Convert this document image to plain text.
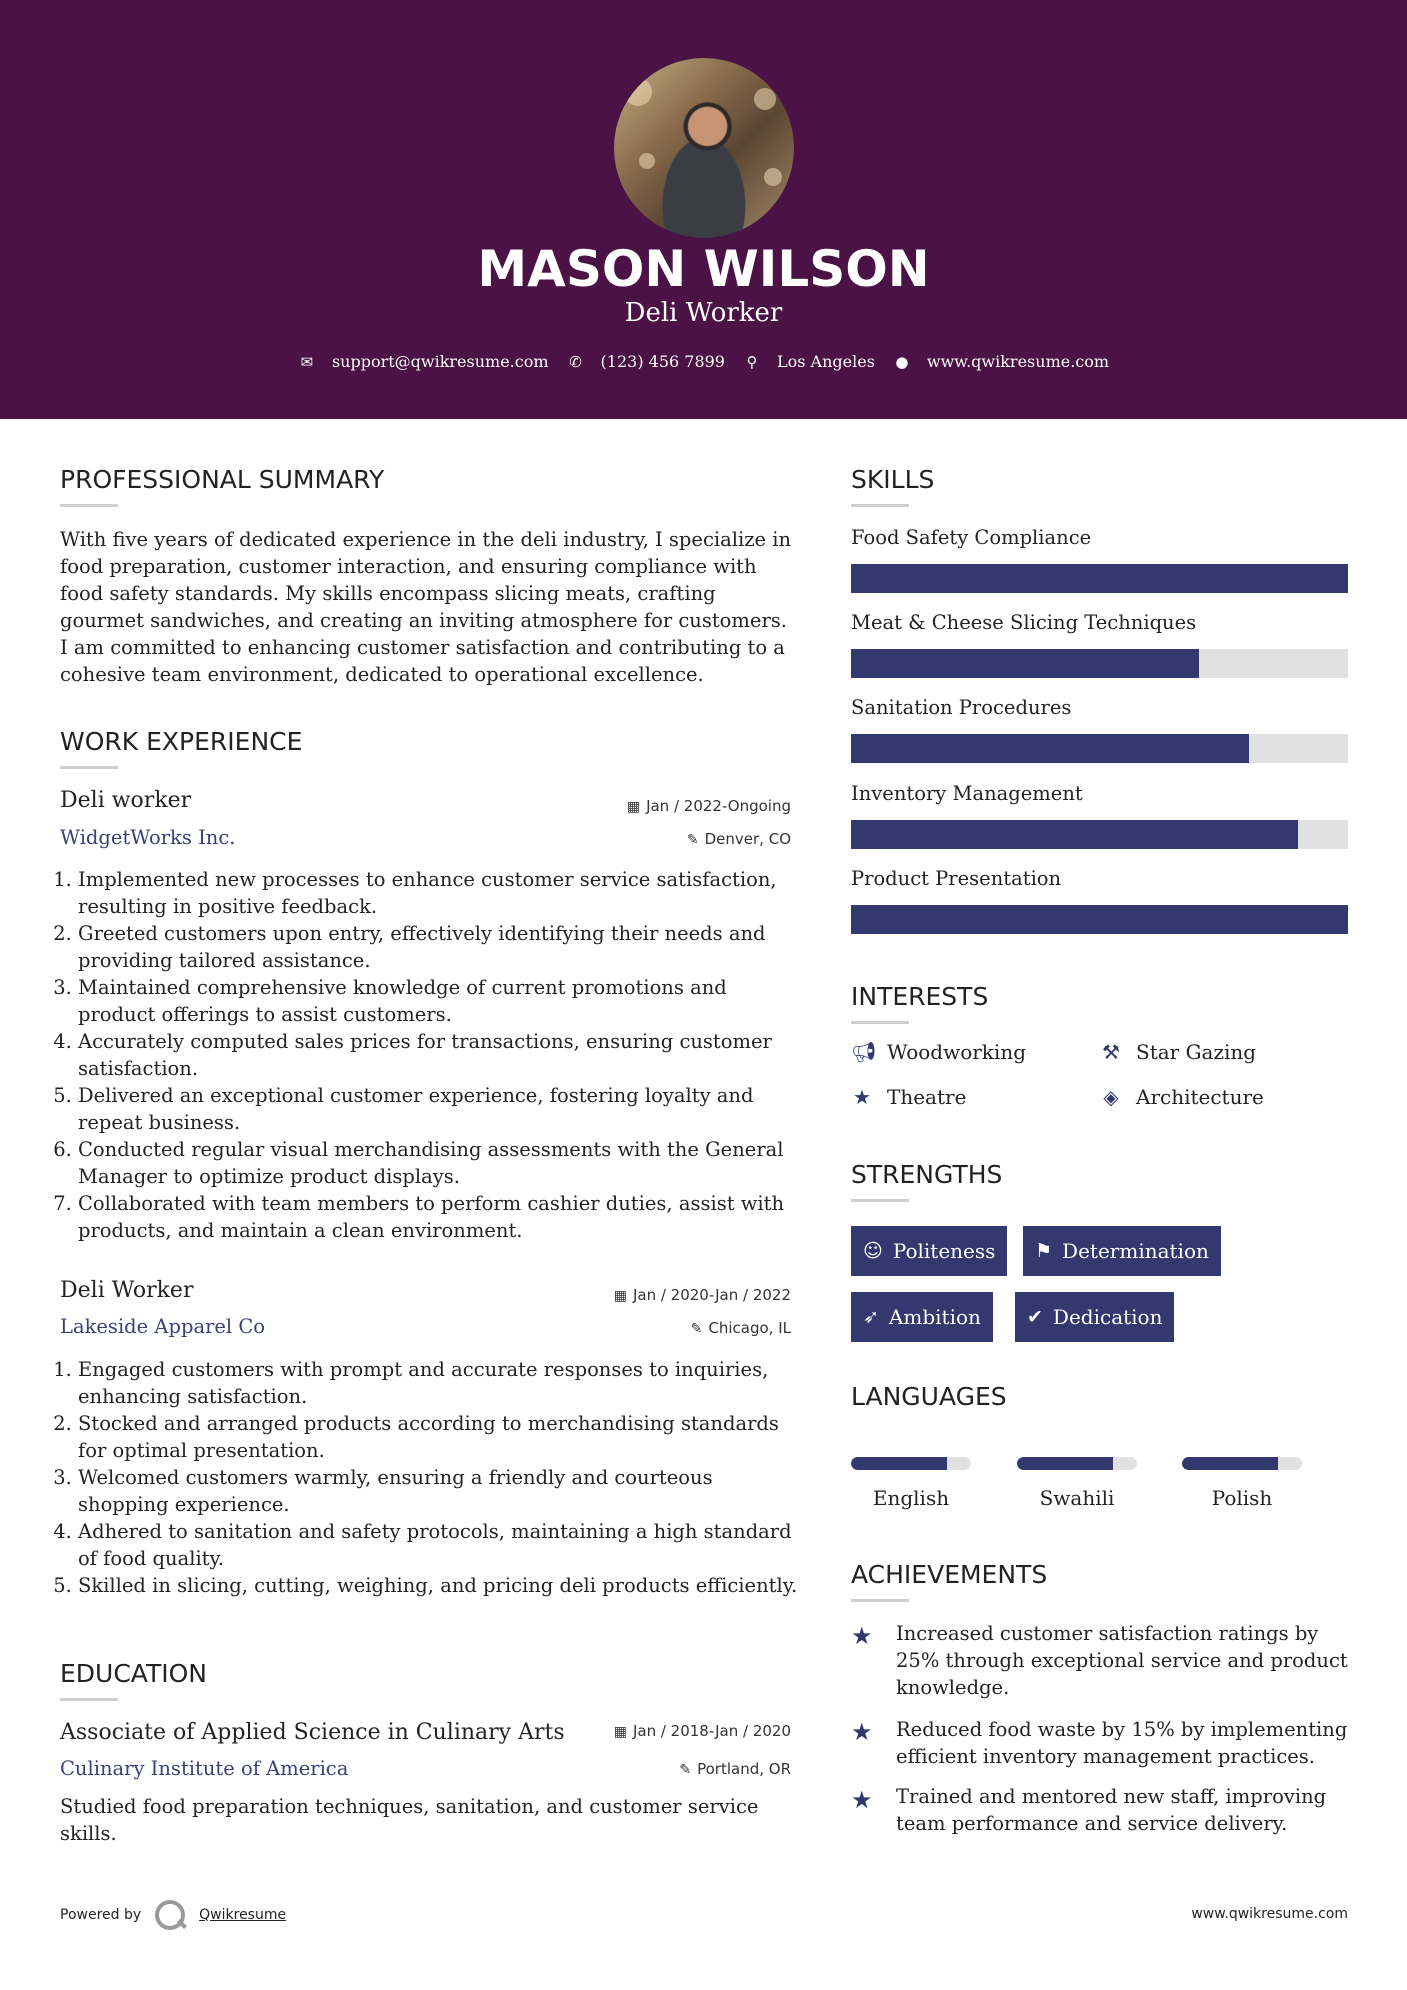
MASON WILSON
Deli Worker
✉ support@qwikresume.com ✆ (123) 456 7899 ⚲ Los Angeles ● www.qwikresume.com
PROFESSIONAL SUMMARY
With five years of dedicated experience in the deli industry, I specialize in food preparation, customer interaction, and ensuring compliance with food safety standards. My skills encompass slicing meats, crafting gourmet sandwiches, and creating an inviting atmosphere for customers. I am committed to enhancing customer satisfaction and contributing to a cohesive team environment, dedicated to operational excellence.
WORK EXPERIENCE
Deli worker	▦ Jan / 2022-Ongoing
WidgetWorks Inc.	✎ Denver, CO
1. Implemented new processes to enhance customer service satisfaction, resulting in positive feedback.
2. Greeted customers upon entry, effectively identifying their needs and providing tailored assistance.
3. Maintained comprehensive knowledge of current promotions and product offerings to assist customers.
4. Accurately computed sales prices for transactions, ensuring customer satisfaction.
5. Delivered an exceptional customer experience, fostering loyalty and repeat business.
6. Conducted regular visual merchandising assessments with the General Manager to optimize product displays.
7. Collaborated with team members to perform cashier duties, assist with products, and maintain a clean environment.
Deli Worker	▦ Jan / 2020-Jan / 2022
Lakeside Apparel Co	✎ Chicago, IL
1. Engaged customers with prompt and accurate responses to inquiries, enhancing satisfaction.
2. Stocked and arranged products according to merchandising standards for optimal presentation.
3. Welcomed customers warmly, ensuring a friendly and courteous shopping experience.
4. Adhered to sanitation and safety protocols, maintaining a high standard of food quality.
5. Skilled in slicing, cutting, weighing, and pricing deli products efficiently.
EDUCATION
Associate of Applied Science in Culinary Arts	▦ Jan / 2018-Jan / 2020
Culinary Institute of America	✎ Portland, OR
Studied food preparation techniques, sanitation, and customer service skills.
SKILLS
Food Safety Compliance
Meat & Cheese Slicing Techniques
Sanitation Procedures
Inventory Management
Product Presentation
INTERESTS
📢︎ Woodworking	⚒ Star Gazing
★ Theatre	◈ Architecture
STRENGTHS
☺ Politeness ⚑ Determination
➶ Ambition ✔ Dedication
LANGUAGES
English	Swahili	Polish
ACHIEVEMENTS
★ Increased customer satisfaction ratings by 25% through exceptional service and product knowledge.
★ Reduced food waste by 15% by implementing efficient inventory management practices.
★ Trained and mentored new staff, improving team performance and service delivery.
Powered by	Qwikresume	www.qwikresume.com
